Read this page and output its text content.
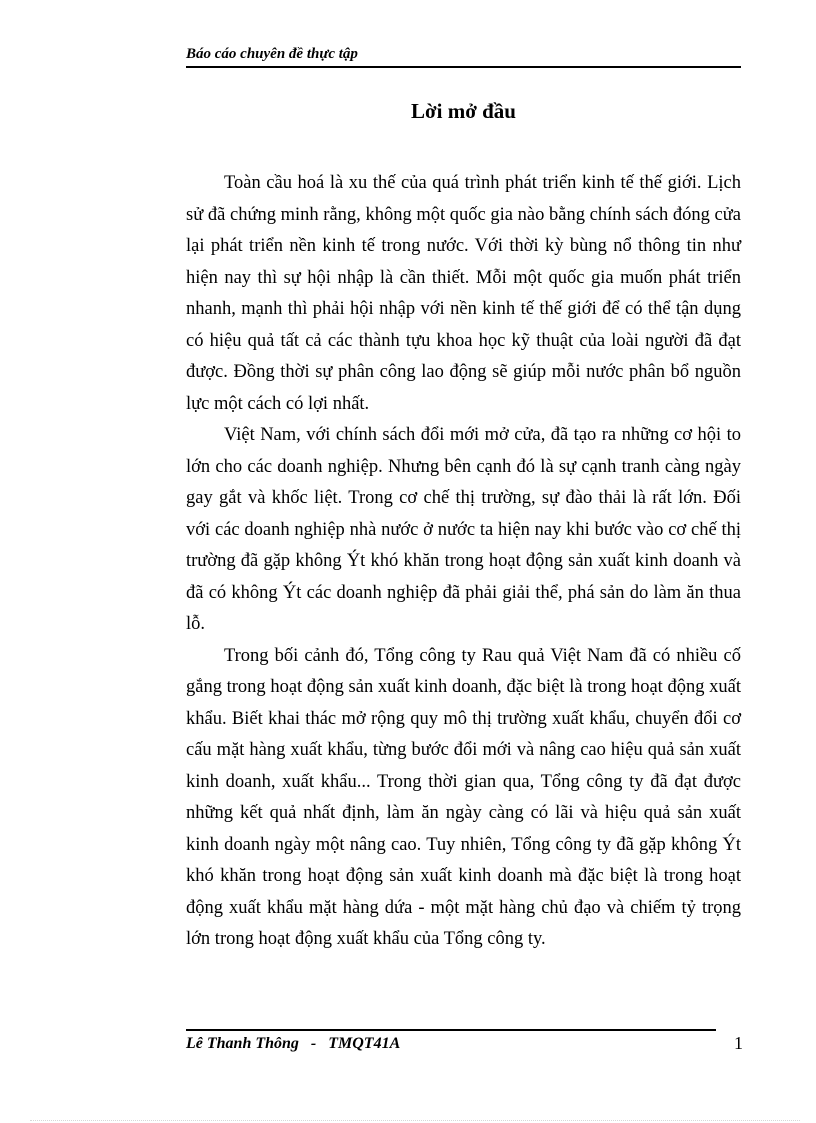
Báo cáo chuyên đề thực tập
Lời mở đầu

Toàn cầu hoá là xu thế của quá trình phát triển kinh tế thế giới. Lịch sử đã chứng minh rằng, không một quốc gia nào bằng chính sách đóng cửa lại phát triển nền kinh tế trong nước. Với thời kỳ bùng nổ thông tin như hiện nay thì sự hội nhập là cần thiết. Mỗi một quốc gia muốn phát triển nhanh, mạnh thì phải hội nhập với nền kinh tế thế giới để có thể tận dụng có hiệu quả tất cả các thành tựu khoa học kỹ thuật của loài người đã đạt được. Đồng thời sự phân công lao động sẽ giúp mỗi nước phân bổ nguồn lực một cách có lợi nhất.

Việt Nam, với chính sách đổi mới mở cửa, đã tạo ra những cơ hội to lớn cho các doanh nghiệp. Nhưng bên cạnh đó là sự cạnh tranh càng ngày gay gắt và khốc liệt. Trong cơ chế thị trường, sự đào thải là rất lớn. Đối với các doanh nghiệp nhà nước ở nước ta hiện nay khi bước vào cơ chế thị trường đã gặp không Ýt khó khăn trong hoạt động sản xuất kinh doanh và đã có không Ýt các doanh nghiệp đã phải giải thể, phá sản do làm ăn thua lỗ.

Trong bối cảnh đó, Tổng công ty Rau quả Việt Nam đã có nhiều cố gắng trong hoạt động sản xuất kinh doanh, đặc biệt là trong hoạt động xuất khẩu. Biết khai thác mở rộng quy mô thị trường xuất khẩu, chuyển đổi cơ cấu mặt hàng xuất khẩu, từng bước đổi mới và nâng cao hiệu quả sản xuất kinh doanh, xuất khẩu... Trong thời gian qua, Tổng công ty đã đạt được những kết quả nhất định, làm ăn ngày càng có lãi và hiệu quả sản xuất kinh doanh ngày một nâng cao. Tuy nhiên, Tổng công ty đã gặp không Ýt khó khăn trong hoạt động sản xuất kinh doanh mà đặc biệt là trong hoạt động xuất khẩu mặt hàng dứa - một mặt hàng chủ đạo và chiếm tỷ trọng lớn trong hoạt động xuất khẩu của Tổng công ty.

Lê Thanh Thông   -   TMQT41A	1
